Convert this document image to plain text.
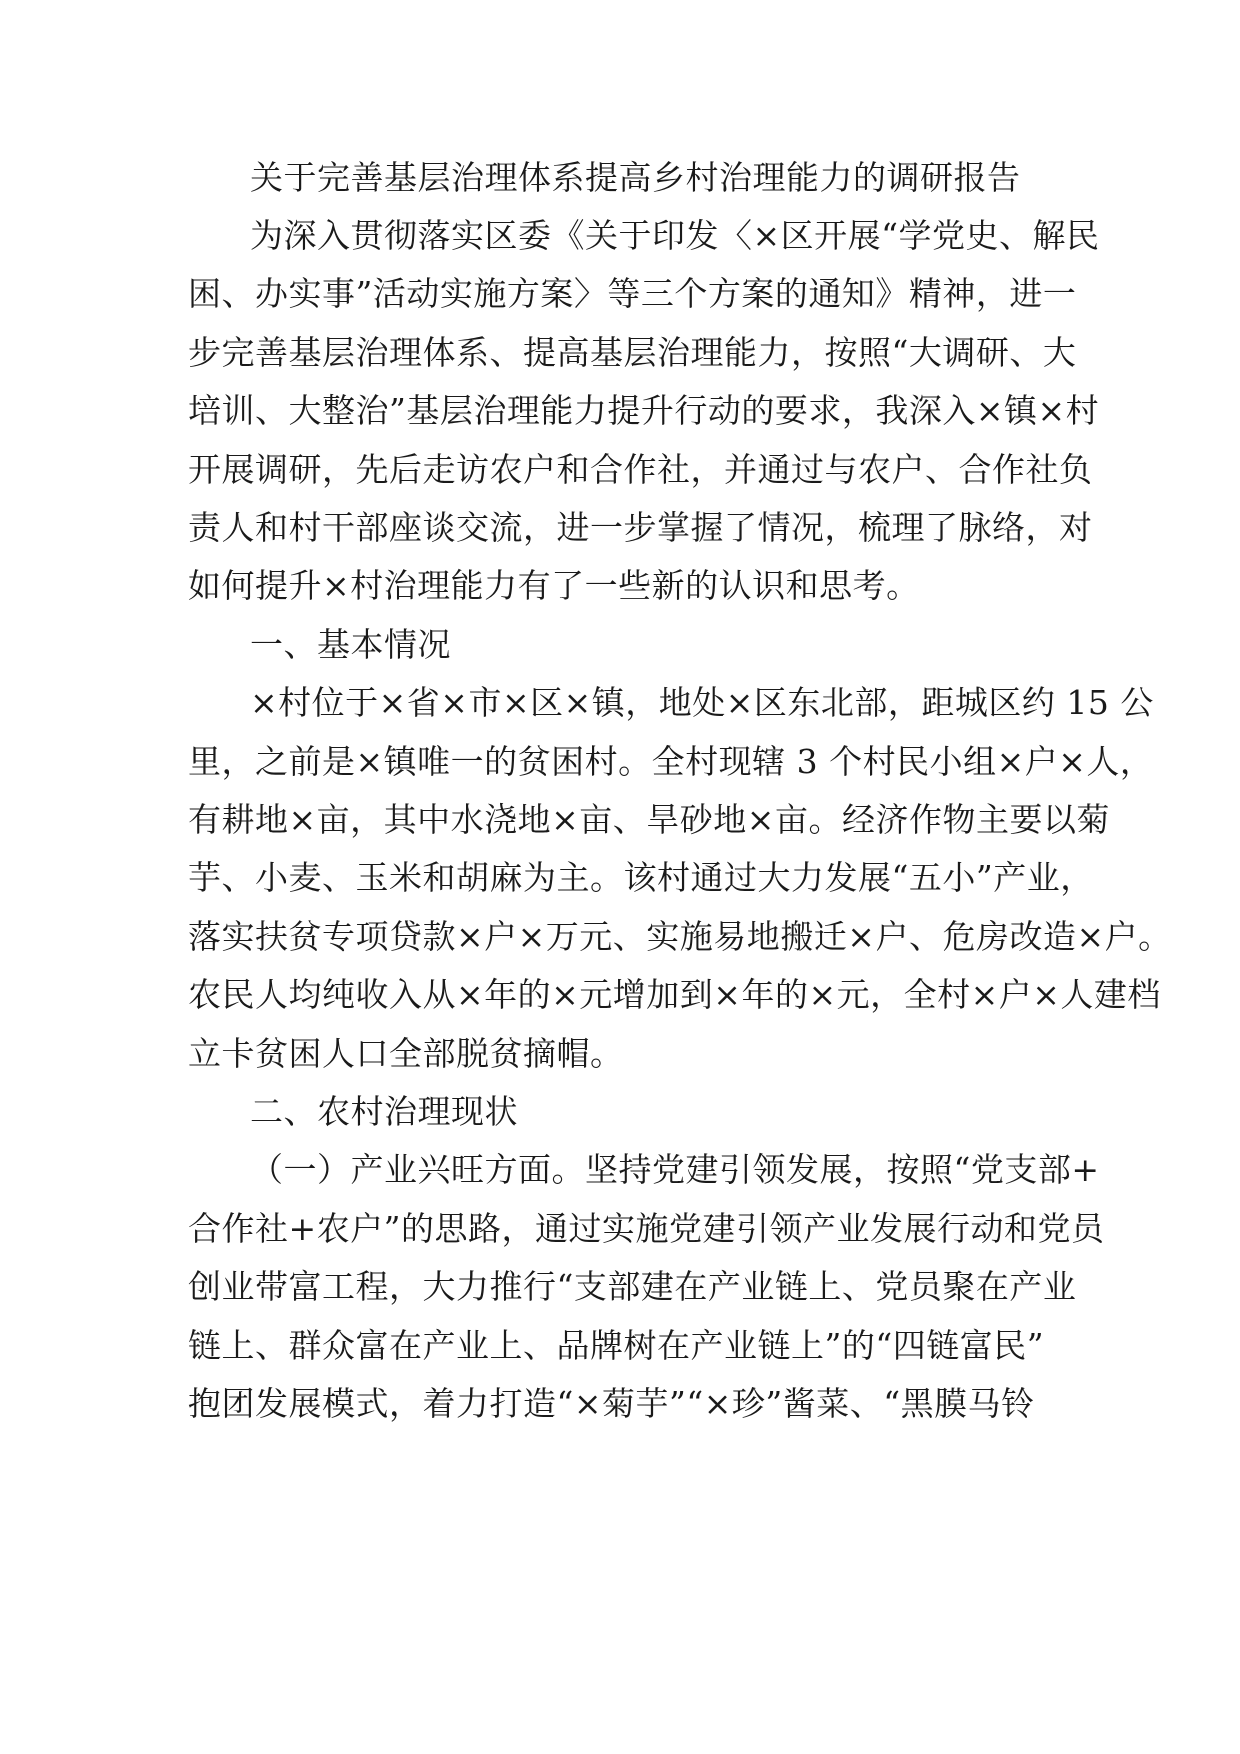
关于完善基层治理体系提高乡村治理能力的调研报告
为深入贯彻落实区委《关于印发〈×区开展“学党史、解民
困、办实事”活动实施方案〉等三个方案的通知》精神，进一
步完善基层治理体系、提高基层治理能力，按照“大调研、大
培训、大整治”基层治理能力提升行动的要求，我深入×镇×村
开展调研，先后走访农户和合作社，并通过与农户、合作社负
责人和村干部座谈交流，进一步掌握了情况，梳理了脉络，对
如何提升×村治理能力有了一些新的认识和思考。
一、基本情况
×村位于×省×市×区×镇，地处×区东北部，距城区约 15 公
里，之前是×镇唯一的贫困村。全村现辖 3 个村民小组×户×人，
有耕地×亩，其中水浇地×亩、旱砂地×亩。经济作物主要以菊
芋、小麦、玉米和胡麻为主。该村通过大力发展“五小”产业，
落实扶贫专项贷款×户×万元、实施易地搬迁×户、危房改造×户。
农民人均纯收入从×年的×元增加到×年的×元，全村×户×人建档
立卡贫困人口全部脱贫摘帽。
二、农村治理现状
（一）产业兴旺方面。坚持党建引领发展，按照“党支部+
合作社+农户”的思路，通过实施党建引领产业发展行动和党员
创业带富工程，大力推行“支部建在产业链上、党员聚在产业
链上、群众富在产业上、品牌树在产业链上”的“四链富民”
抱团发展模式，着力打造“×菊芋”“×珍”酱菜、“黑膜马铃
